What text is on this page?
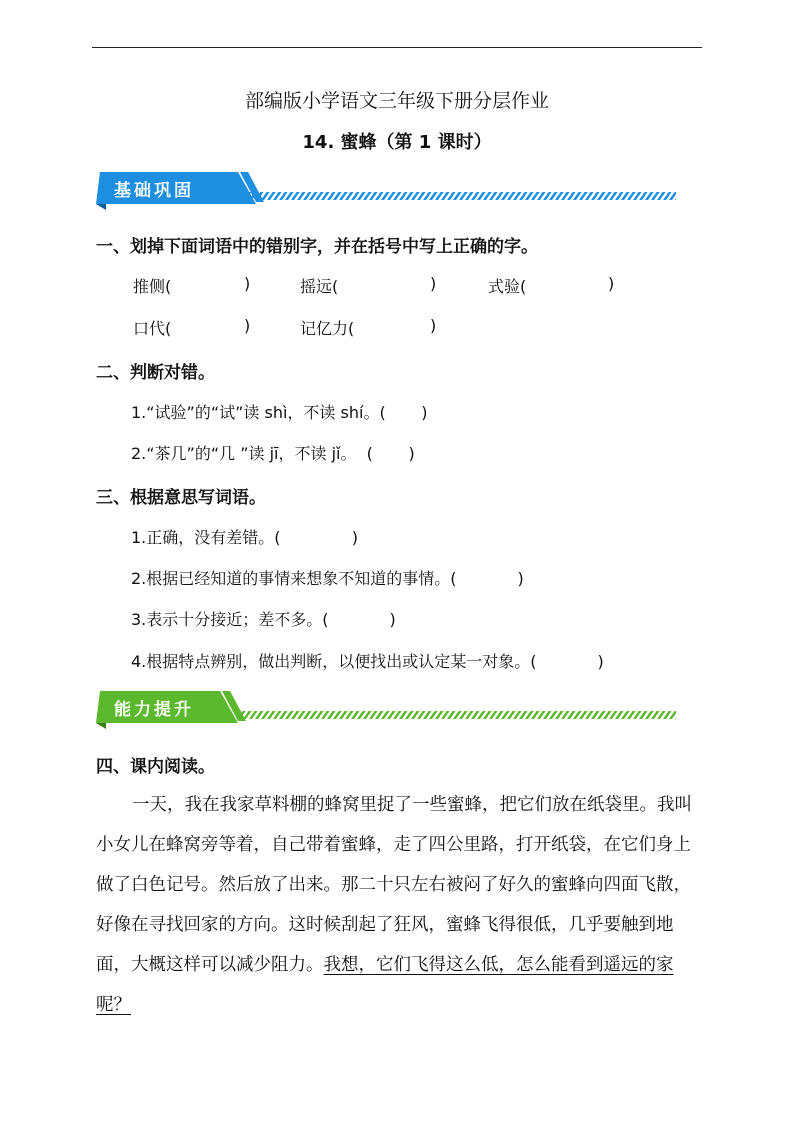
部编版小学语文三年级下册分层作业
14. 蜜蜂（第 1 课时）
基础巩固
一、划掉下面词语中的错别字，并在括号中写上正确的字。
推侧(	)	摇远(	)	式验(	)
口代(	)	记亿力(	)
二、判断对错。
1.“试验”的“试”读 shì，不读 shí。(       )
2.“茶几”的“几 ”读 jī，不读 jǐ。  (       )
三、根据意思写词语。
1.正确，没有差错。(              )
2.根据已经知道的事情来想象不知道的事情。(            )
3.表示十分接近；差不多。(            )
4.根据特点辨别，做出判断，以便找出或认定某一对象。(            )
能力提升
四、课内阅读。
一天，我在我家草料棚的蜂窝里捉了一些蜜蜂，把它们放在纸袋里。我叫小女儿在蜂窝旁等着，自己带着蜜蜂，走了四公里路，打开纸袋，在它们身上做了白色记号。然后放了出来。那二十只左右被闷了好久的蜜蜂向四面飞散，好像在寻找回家的方向。这时候刮起了狂风，蜜蜂飞得很低，几乎要触到地面，大概这样可以减少阻力。我想，它们飞得这么低，怎么能看到遥远的家呢？
